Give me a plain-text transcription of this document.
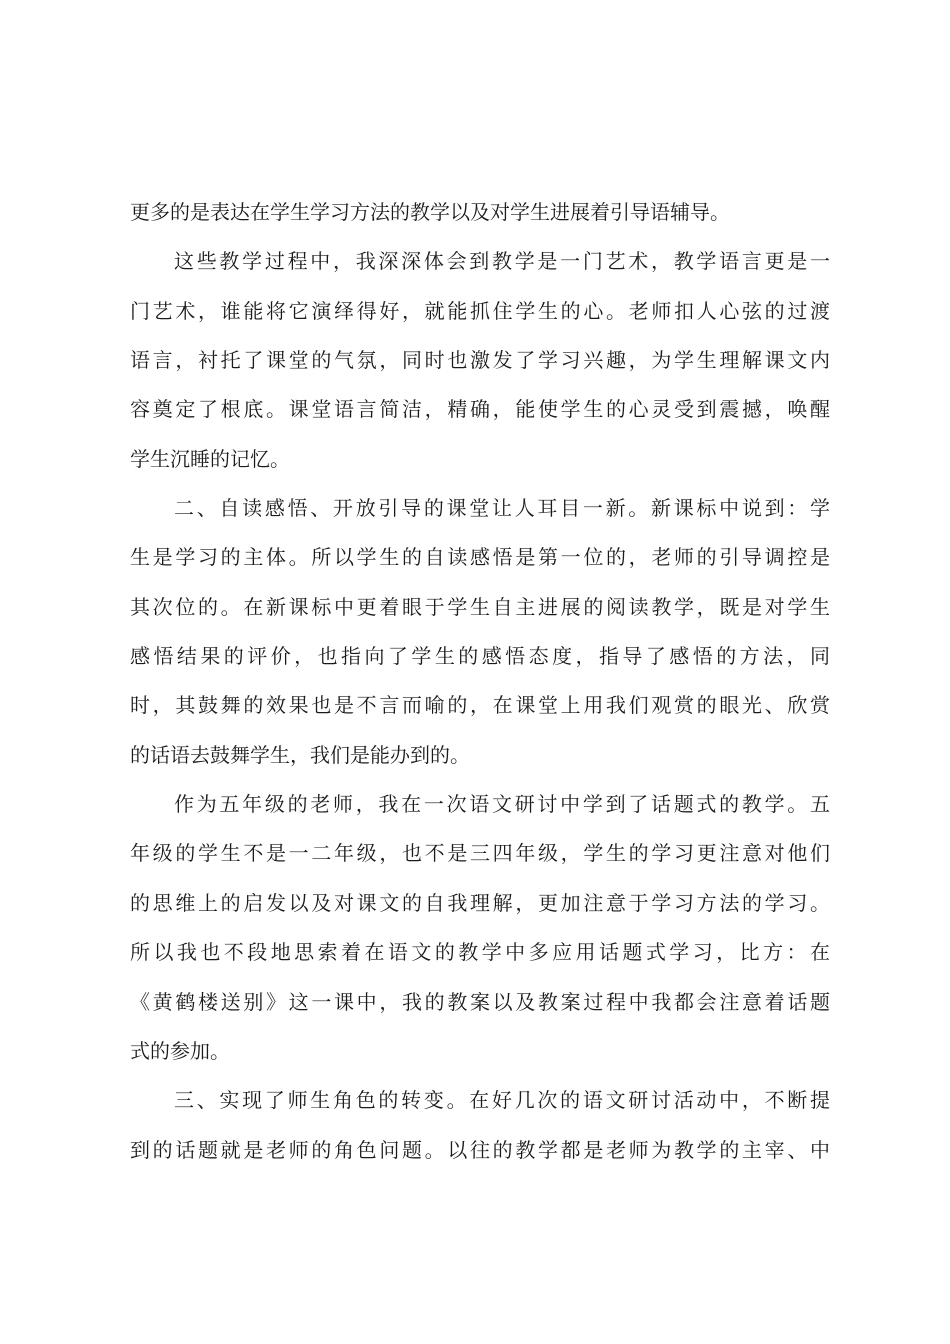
更多的是表达在学生学习方法的教学以及对学生进展着引导语辅导。
这些教学过程中，我深深体会到教学是一门艺术，教学语言更是一
门艺术，谁能将它演绎得好，就能抓住学生的心。老师扣人心弦的过渡
语言，衬托了课堂的气氛，同时也激发了学习兴趣，为学生理解课文内
容奠定了根底。课堂语言简洁，精确，能使学生的心灵受到震撼，唤醒
学生沉睡的记忆。
二、自读感悟、开放引导的课堂让人耳目一新。新课标中说到：学
生是学习的主体。所以学生的自读感悟是第一位的，老师的引导调控是
其次位的。在新课标中更着眼于学生自主进展的阅读教学，既是对学生
感悟结果的评价，也指向了学生的感悟态度，指导了感悟的方法，同
时，其鼓舞的效果也是不言而喻的，在课堂上用我们观赏的眼光、欣赏
的话语去鼓舞学生，我们是能办到的。
作为五年级的老师，我在一次语文研讨中学到了话题式的教学。五
年级的学生不是一二年级，也不是三四年级，学生的学习更注意对他们
的思维上的启发以及对课文的自我理解，更加注意于学习方法的学习。
所以我也不段地思索着在语文的教学中多应用话题式学习，比方：在
《黄鹤楼送别》这一课中，我的教案以及教案过程中我都会注意着话题
式的参加。
三、实现了师生角色的转变。在好几次的语文研讨活动中，不断提
到的话题就是老师的角色问题。以往的教学都是老师为教学的主宰、中
